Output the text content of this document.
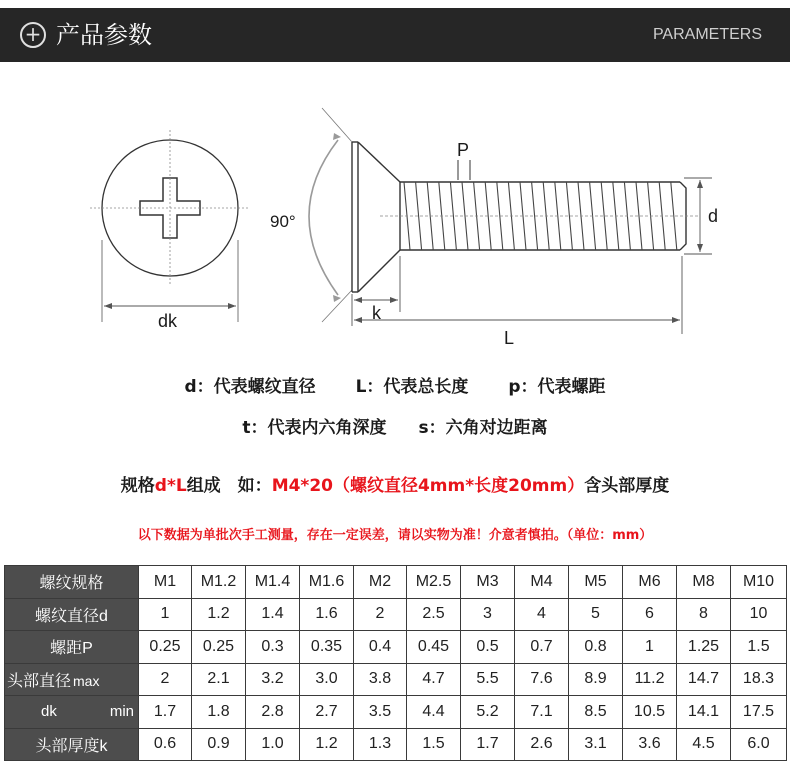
+ 产品参数	PARAMETERS
dk
90°
P
d
k
L
d：代表螺纹直径 L：代表总长度 p：代表螺距
t：代表内六角深度 s：六角对边距离
规格d*L组成　如：M4*20（螺纹直径4mm*长度20mm）含头部厚度
以下数据为单批次手工测量，存在一定误差，请以实物为准！介意者慎拍。（单位：mm）
螺纹规格	M1	M1.2	M1.4	M1.6	M2	M2.5	M3	M4	M5	M6	M8	M10
螺纹直径d	1	1.2	1.4	1.6	2	2.5	3	4	5	6	8	10
螺距P	0.25	0.25	0.3	0.35	0.4	0.45	0.5	0.7	0.8	1	1.25	1.5
头部直径 max	2	2.1	3.2	3.0	3.8	4.7	5.5	7.6	8.9	11.2	14.7	18.3

dk min	1.7	1.8	2.8	2.7	3.5	4.4	5.2	7.1	8.5	10.5	14.1	17.5
头部厚度k	0.6	0.9	1.0	1.2	1.3	1.5	1.7	2.6	3.1	3.6	4.5	6.0
